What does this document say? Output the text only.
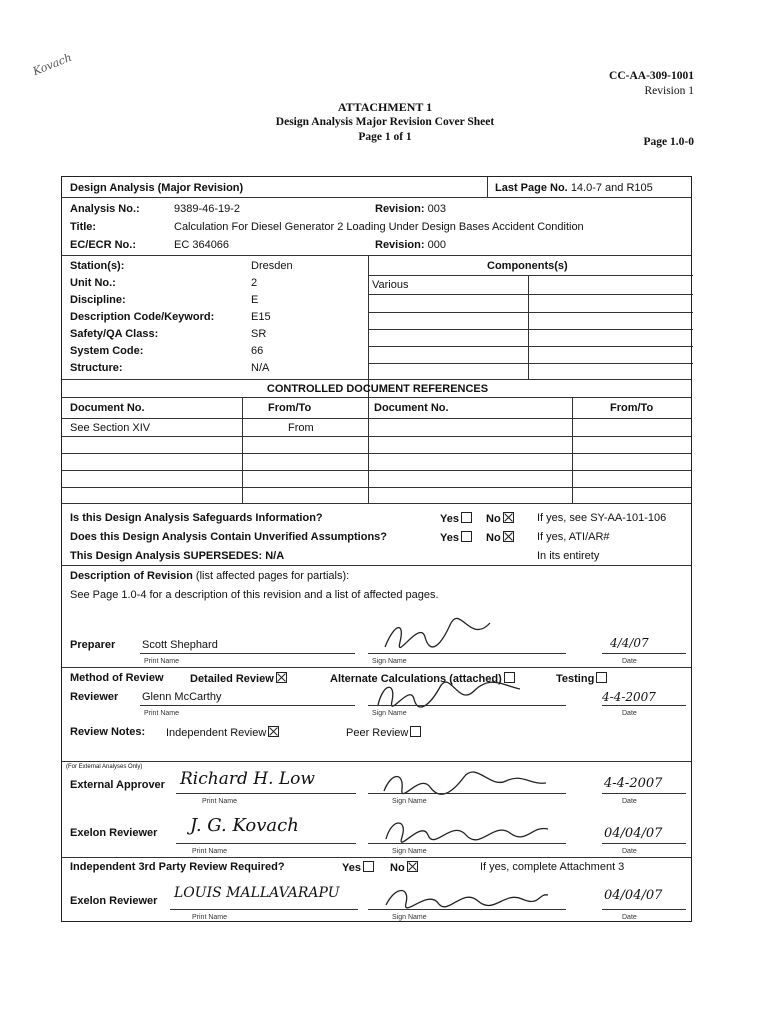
Kovach	CC-AA-309-1001
Revision 1
ATTACHMENT 1
Design Analysis Major Revision Cover Sheet
Page 1 of 1	Page 1.0-0
Design Analysis (Major Revision)	Last Page No. 14.0-7 and R105
Analysis No.:	9389-46-19-2	Revision: 003
Title:	Calculation For Diesel Generator 2 Loading Under Design Bases Accident Condition
EC/ECR No.:	EC 364066	Revision: 000
Station(s):	Dresden
Unit No.:	2
Discipline:	E
Description Code/Keyword:	E15
Safety/QA Class:	SR
System Code:	66
Structure:	N/A
Components(s)
Various
CONTROLLED DOCUMENT REFERENCES
Document No.	From/To	Document No.	From/To
See Section XIV	From
Is this Design Analysis Safeguards Information?	Yes	No	If yes, see SY-AA-101-106
Does this Design Analysis Contain Unverified Assumptions?	Yes	No	If yes, ATI/AR#
This Design Analysis SUPERSEDES: N/A	In its entirety
Description of Revision (list affected pages for partials):
See Page 1.0-4 for a description of this revision and a list of affected pages.
Preparer Scott Shephard
Print Name	Sign Name
4/4/07
Date
Method of Review Detailed Review	Alternate Calculations (attached)	Testing
Reviewer Glenn McCarthy
Print Name	Sign Name
4-4-2007
Date
Review Notes: Independent Review	Peer Review
(For External Analyses Only)
External Approver Richard H. Low
Print Name	Sign Name
4-4-2007
Date
Exelon Reviewer J. G. Kovach
Print Name	Sign Name
04/04/07
Date
Independent 3rd Party Review Required?	Yes	No	If yes, complete Attachment 3
Exelon Reviewer LOUIS MALLAVARAPU
Print Name	Sign Name
04/04/07
Date
